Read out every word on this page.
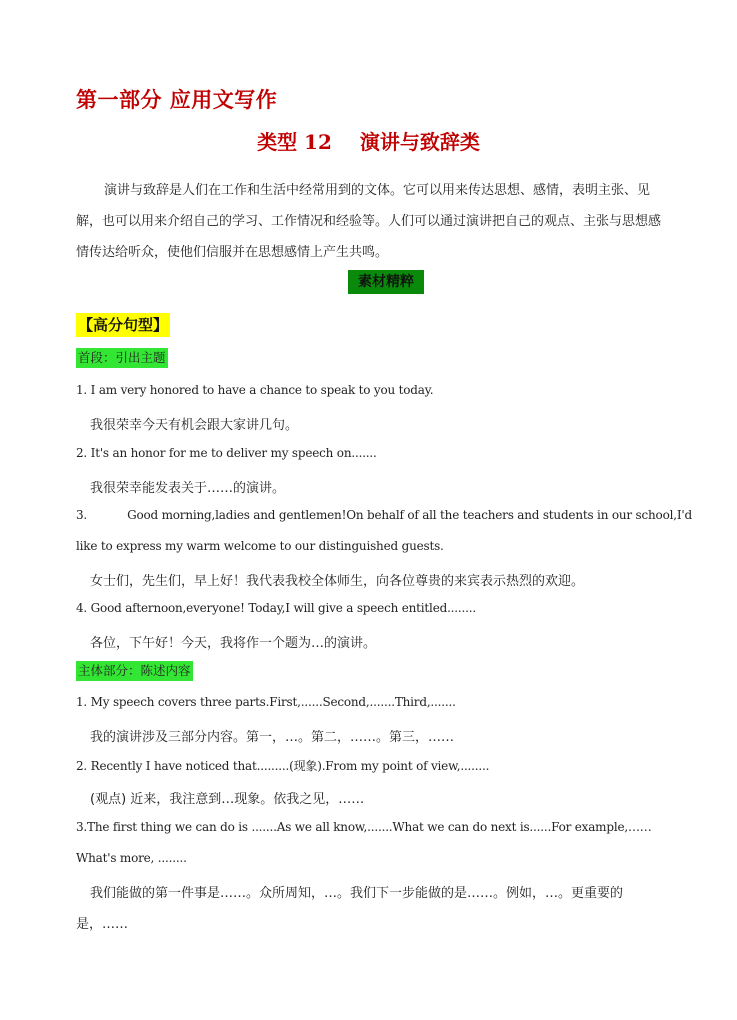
第一部分 应用文写作
类型 12 演讲与致辞类
演讲与致辞是人们在工作和生活中经常用到的文体。它可以用来传达思想、感情，表明主张、见解，也可以用来介绍自己的学习、工作情况和经验等。人们可以通过演讲把自己的观点、主张与思想感情传达给听众，使他们信服并在思想感情上产生共鸣。
素材精粹
【高分句型】
首段：引出主题
1. I am very honored to have a chance to speak to you today.
我很荣幸今天有机会跟大家讲几句。
2. It's an honor for me to deliver my speech on.......
我很荣幸能发表关于……的演讲。
3.	Good morning,ladies and gentlemen!On behalf of all the teachers and students in our school,I'd
like to express my warm welcome to our distinguished guests.
女士们，先生们，早上好！我代表我校全体师生，向各位尊贵的来宾表示热烈的欢迎。
4. Good afternoon,everyone! Today,I will give a speech entitled........
各位，下午好！今天，我将作一个题为…的演讲。
主体部分：陈述内容
1. My speech covers three parts.First,......Second,.......Third,.......
我的演讲涉及三部分内容。第一，…。第二，……。第三，……
2. Recently I have noticed that.........(现象).From my point of view,........
(观点) 近来，我注意到…现象。依我之见，……
3.The first thing we can do is .......As we all know,.......What we can do next is......For example,……
What's more, ........
我们能做的第一件事是……。众所周知，…。我们下一步能做的是……。例如，…。更重要的
是，……
